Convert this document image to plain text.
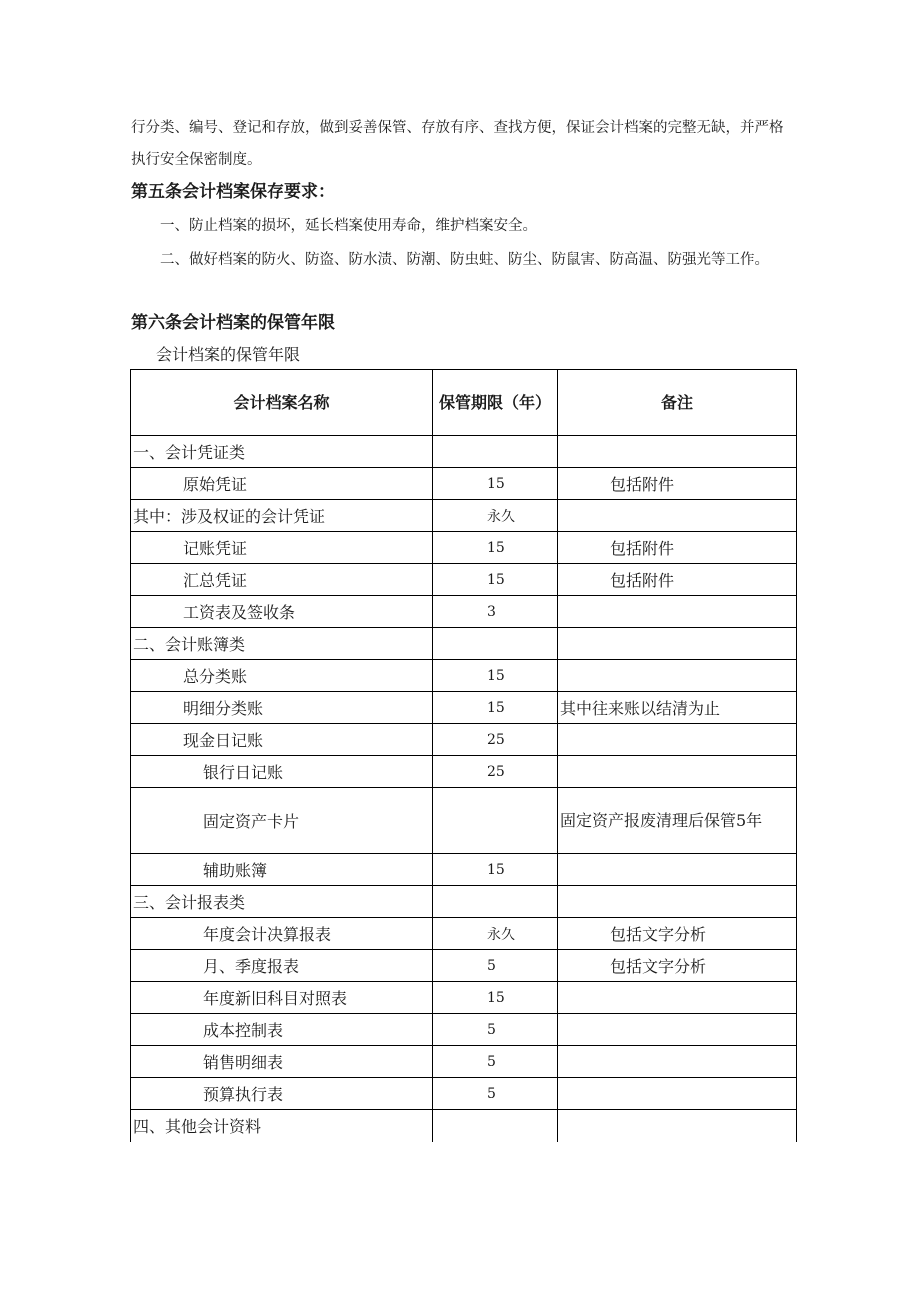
行分类、编号、登记和存放，做到妥善保管、存放有序、查找方便，保证会计档案的完整无缺，并严格执行安全保密制度。
第五条会计档案保存要求：
一、防止档案的损坏，延长档案使用寿命，维护档案安全。
二、做好档案的防火、防盗、防水渍、防潮、防虫蛀、防尘、防鼠害、防高温、防强光等工作。
第六条会计档案的保管年限
会计档案的保管年限
会计档案名称	保管期限（年）	备注
一、会计凭证类		
原始凭证	15	包括附件
其中：涉及权证的会计凭证	永久	
记账凭证	15	包括附件
汇总凭证	15	包括附件
工资表及签收条	3	
二、会计账簿类		
总分类账	15	
明细分类账	15	其中往来账以结清为止
现金日记账	25	
银行日记账	25	
固定资产卡片		固定资产报废清理后保管5年
辅助账簿	15	
三、会计报表类		
年度会计决算报表	永久	包括文字分析
月、季度报表	5	包括文字分析
年度新旧科目对照表	15	
成本控制表	5	
销售明细表	5	
预算执行表	5	
四、其他会计资料		
